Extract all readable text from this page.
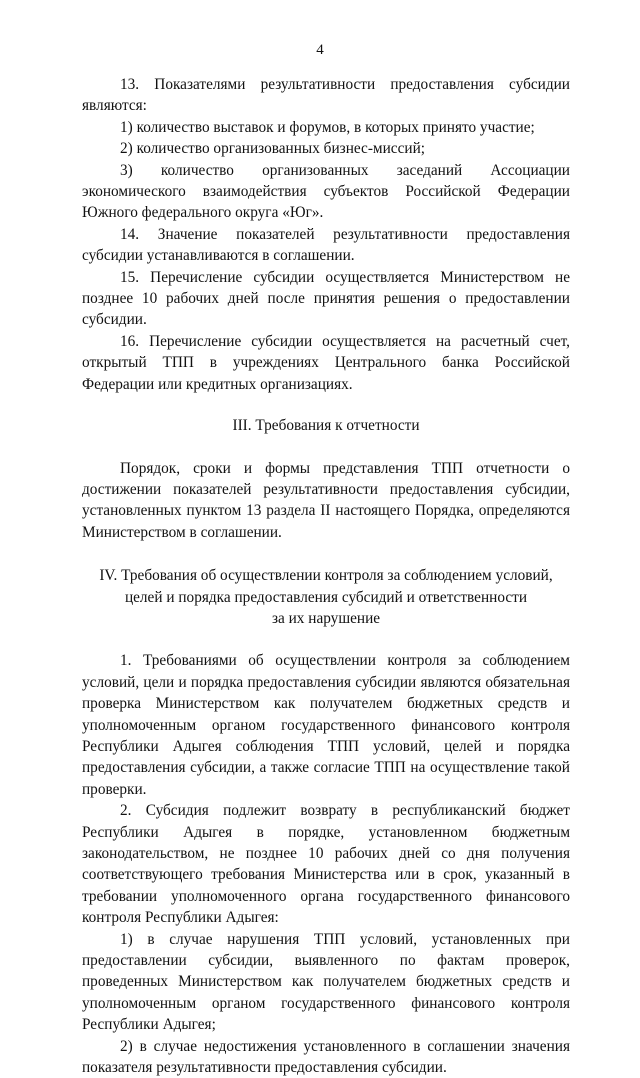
4

13. Показателями результативности предоставления субсидии являются:

1) количество выставок и форумов, в которых принято участие;

2) количество организованных бизнес-миссий;

3) количество организованных заседаний Ассоциации экономического взаимодействия субъектов Российской Федерации Южного федерального округа «Юг».

14. Значение показателей результативности предоставления субсидии устанавливаются в соглашении.

15. Перечисление субсидии осуществляется Министерством не позднее 10 рабочих дней после принятия решения о предоставлении субсидии.

16. Перечисление субсидии осуществляется на расчетный счет, открытый ТПП в учреждениях Центрального банка Российской Федерации или кредитных организациях.

III. Требования к отчетности

Порядок, сроки и формы представления ТПП отчетности о достижении показателей результативности предоставления субсидии, установленных пунктом 13 раздела II настоящего Порядка, определяются Министерством в соглашении.

IV. Требования об осуществлении контроля за соблюдением условий,
целей и порядка предоставления субсидий и ответственности
за их нарушение

1. Требованиями об осуществлении контроля за соблюдением условий, цели и порядка предоставления субсидии являются обязательная проверка Министерством как получателем бюджетных средств и уполномоченным органом государственного финансового контроля Республики Адыгея соблюдения ТПП условий, целей и порядка предоставления субсидии, а также согласие ТПП на осуществление такой проверки.

2. Субсидия подлежит возврату в республиканский бюджет Республики Адыгея в порядке, установленном бюджетным законодательством, не позднее 10 рабочих дней со дня получения соответствующего требования Министерства или в срок, указанный в требовании уполномоченного органа государственного финансового контроля Республики Адыгея:

1) в случае нарушения ТПП условий, установленных при предоставлении субсидии, выявленного по фактам проверок, проведенных Министерством как получателем бюджетных средств и уполномоченным органом государственного финансового контроля Республики Адыгея;

2) в случае недостижения установленного в соглашении значения показателя результативности предоставления субсидии.
